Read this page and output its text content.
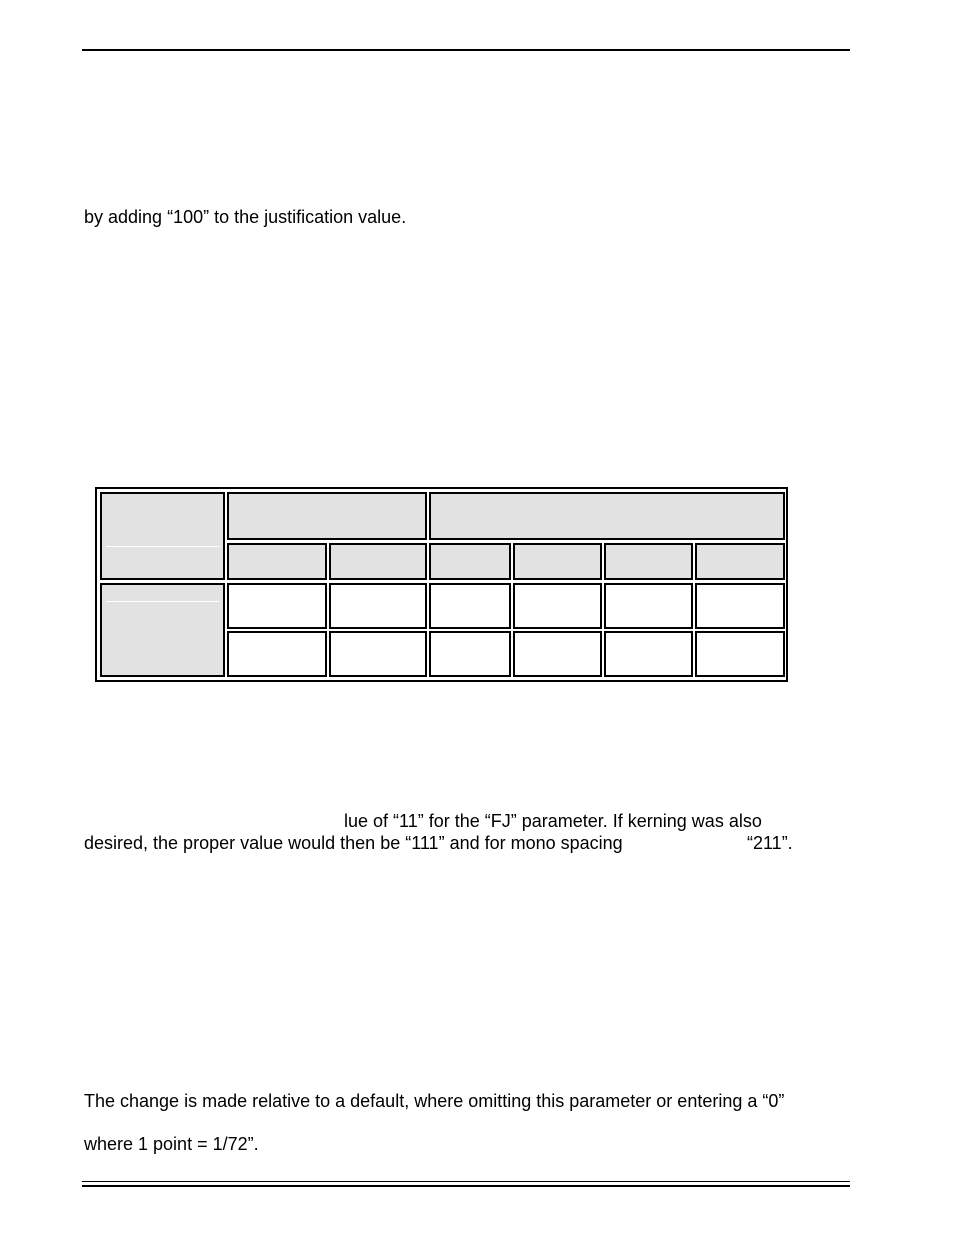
by adding “100” to the justification value.
lue of “11” for the “FJ” parameter. If kerning was also
desired, the proper value would then be “111” and for mono spacing	“211”.
The change is made relative to a default, where omitting this parameter or entering a “0”
where 1 point = 1/72”.
